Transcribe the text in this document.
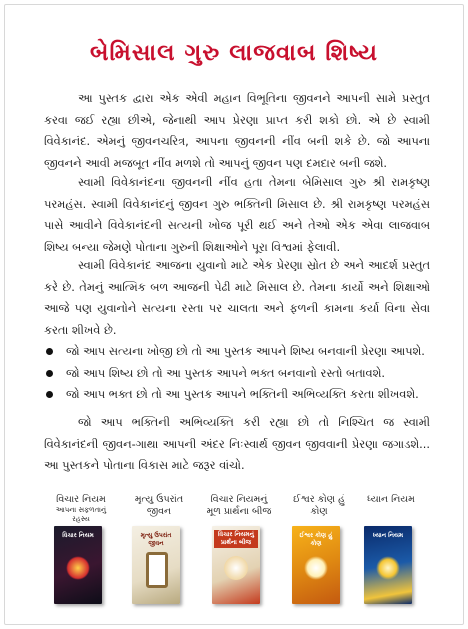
બેમિસાલ ગુરુ લાજવાબ શિષ્ય

આ પુસ્તક દ્વારા એક એવી મહાન વિભૂતિના જીવનને આપની સામે પ્રસ્તુત કરવા જઈ રહ્યા છીએ, જેનાથી આપ પ્રેરણા પ્રાપ્ત કરી શકો છો. એ છે સ્વામી વિવેકાનંદ. એમનું જીવનચરિત્ર, આપના જીવનની નીંવ બની શકે છે. જો આપના જીવનને આવી મજબૂત નીંવ મળશે તો આપનું જીવન પણ દમદાર બની જશે.

સ્વામી વિવેકાનંદના જીવનની નીંવ હતા તેમના બેમિસાલ ગુરુ શ્રી રામકૃષ્ણ પરમહંસ. સ્વામી વિવેકાનંદનું જીવન ગુરુ ભક્તિની મિસાલ છે. શ્રી રામકૃષ્ણ પરમહંસ પાસે આવીને વિવેકાનંદની સત્યની ખોજ પૂરી થઈ અને તેઓ એક એવા લાજવાબ શિષ્ય બન્યા જેમણે પોતાના ગુરુની શિક્ષાઓને પૂરા વિશ્વમાં ફેલાવી.

સ્વામી વિવેકાનંદ આજના યુવાનો માટે એક પ્રેરણા સ્રોત છે અને આદર્શ પ્રસ્તુત કરે છે. તેમનું આત્મિક બળ આજની પેઢી માટે મિસાલ છે. તેમના કાર્યો અને શિક્ષાઓ આજે પણ યુવાનોને સત્યના રસ્તા પર ચાલતા અને ફળની કામના કર્યા વિના સેવા કરતા શીખવે છે.

જો આપ સત્યના ખોજી છો તો આ પુસ્તક આપને શિષ્ય બનવાની પ્રેરણા આપશે.
જો આપ શિષ્ય છો તો આ પુસ્તક આપને ભક્ત બનવાનો રસ્તો બતાવશે.
જો આપ ભક્ત છો તો આ પુસ્તક આપને ભક્તિની અભિવ્યક્તિ કરતા શીખવશે.

જો આપ ભક્તિની અભિવ્યક્તિ કરી રહ્યા છો તો નિશ્ચિત જ સ્વામી વિવેકાનંદની જીવન-ગાથા આપની અંદર નિઃસ્વાર્થ જીવન જીવવાની પ્રેરણા જગાડશે... આ પુસ્તકને પોતાના વિકાસ માટે જરૂર વાંચો.

વિચાર નિયમ
આપના સફળતાનું રહસ્ય
વિચાર નિયમ
મૃત્યુ ઉપરાંત જીવન
મૃત્યુ ઉપરાંત જીવન
વિચાર નિયમનું મૂળ પ્રાર્થના બીજ
વિચાર નિયમનું પ્રાર્થના બીજ
ઈશ્વર કોણ હું કોણ
ઈશ્વર કોણ હું કોણ
ધ્યાન નિયમ
ધ્યાન નિયમ
